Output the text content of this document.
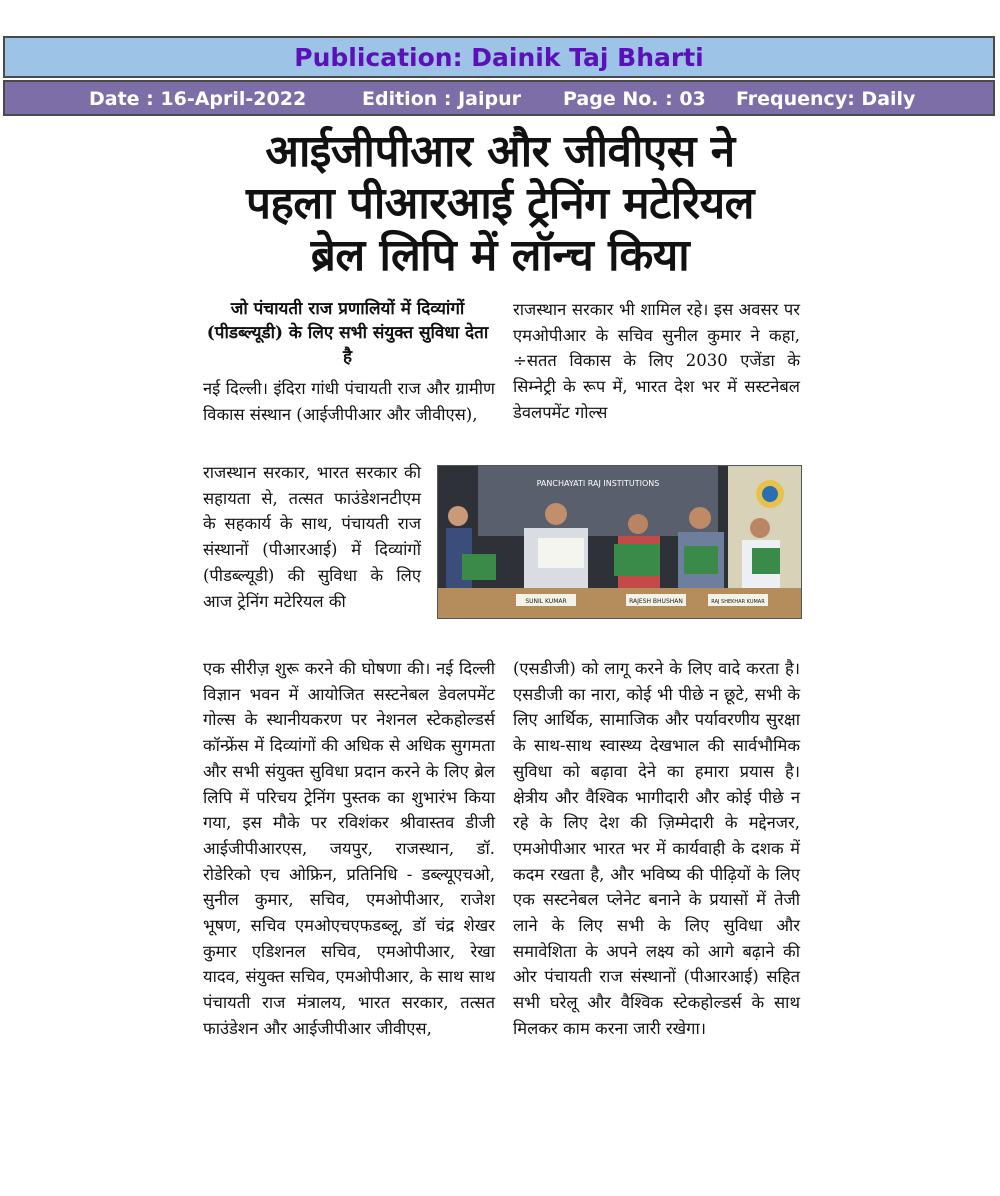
Publication: Dainik Taj Bharti
Date : 16-April-2022	Edition : Jaipur Page No. : 03 Frequency: Daily
आईजीपीआर और जीवीएस ने
पहला पीआरआई ट्रेनिंग मटेरियल
ब्रेल लिपि में लॉन्च किया
जो पंचायती राज प्रणालियों में दिव्यांगों (पीडब्ल्यूडी) के लिए सभी संयुक्त सुविधा देता है
नई दिल्ली। इंदिरा गांधी पंचायती राज और ग्रामीण विकास संस्थान (आईजीपीआर और जीवीएस),
राजस्थान सरकार, भारत सरकार की सहायता से, तत्सत फाउंडेशनटीएम के सहकार्य के साथ, पंचायती राज संस्थानों (पीआरआई) में दिव्यांगों (पीडब्ल्यूडी) की सुविधा के लिए आज ट्रेनिंग मटेरियल की
एक सीरीज़ शुरू करने की घोषणा की। नई दिल्ली विज्ञान भवन में आयोजित सस्टनेबल डेवलपमेंट गोल्स के स्थानीयकरण पर नेशनल स्टेकहोल्डर्स कॉन्फ्रेंस में दिव्यांगों की अधिक से अधिक सुगमता और सभी संयुक्त सुविधा प्रदान करने के लिए ब्रेल लिपि में परिचय ट्रेनिंग पुस्तक का शुभारंभ किया गया, इस मौके पर रविशंकर श्रीवास्तव डीजी आईजीपीआरएस, जयपुर, राजस्थान, डॉ. रोडेरिको एच ओफ्रिन, प्रतिनिधि - डब्ल्यूएचओ, सुनील कुमार, सचिव, एमओपीआर, राजेश भूषण, सचिव एमओएचएफडब्लू, डॉ चंद्र शेखर कुमार एडिशनल सचिव, एमओपीआर, रेखा यादव, संयुक्त सचिव, एमओपीआर, के साथ साथ पंचायती राज मंत्रालय, भारत सरकार, तत्सत फाउंडेशन और आईजीपीआर जीवीएस,
राजस्थान सरकार भी शामिल रहे। इस अवसर पर एमओपीआर के सचिव सुनील कुमार ने कहा, ÷सतत विकास के लिए 2030 एजेंडा के सिम्नेट्री के रूप में, भारत देश भर में सस्टनेबल डेवलपमेंट गोल्स
(एसडीजी) को लागू करने के लिए वादे करता है। एसडीजी का नारा, कोई भी पीछे न छूटे, सभी के लिए आर्थिक, सामाजिक और पर्यावरणीय सुरक्षा के साथ-साथ स्वास्थ्य देखभाल की सार्वभौमिक सुविधा को बढ़ावा देने का हमारा प्रयास है। क्षेत्रीय और वैश्विक भागीदारी और कोई पीछे न रहे के लिए देश की ज़िम्मेदारी के मद्देनजर, एमओपीआर भारत भर में कार्यवाही के दशक में कदम रखता है, और भविष्य की पीढ़ियों के लिए एक सस्टनेबल प्लेनेट बनाने के प्रयासों में तेजी लाने के लिए सभी के लिए सुविधा और समावेशिता के अपने लक्ष्य को आगे बढ़ाने की ओर पंचायती राज संस्थानों (पीआरआई) सहित सभी घरेलू और वैश्विक स्टेकहोल्डर्स के साथ मिलकर काम करना जारी रखेगा।
PANCHAYATI RAJ INSTITUTIONS
SUNIL KUMAR	RAJESH BHUSHAN	RAJ SHEKHAR KUMAR
